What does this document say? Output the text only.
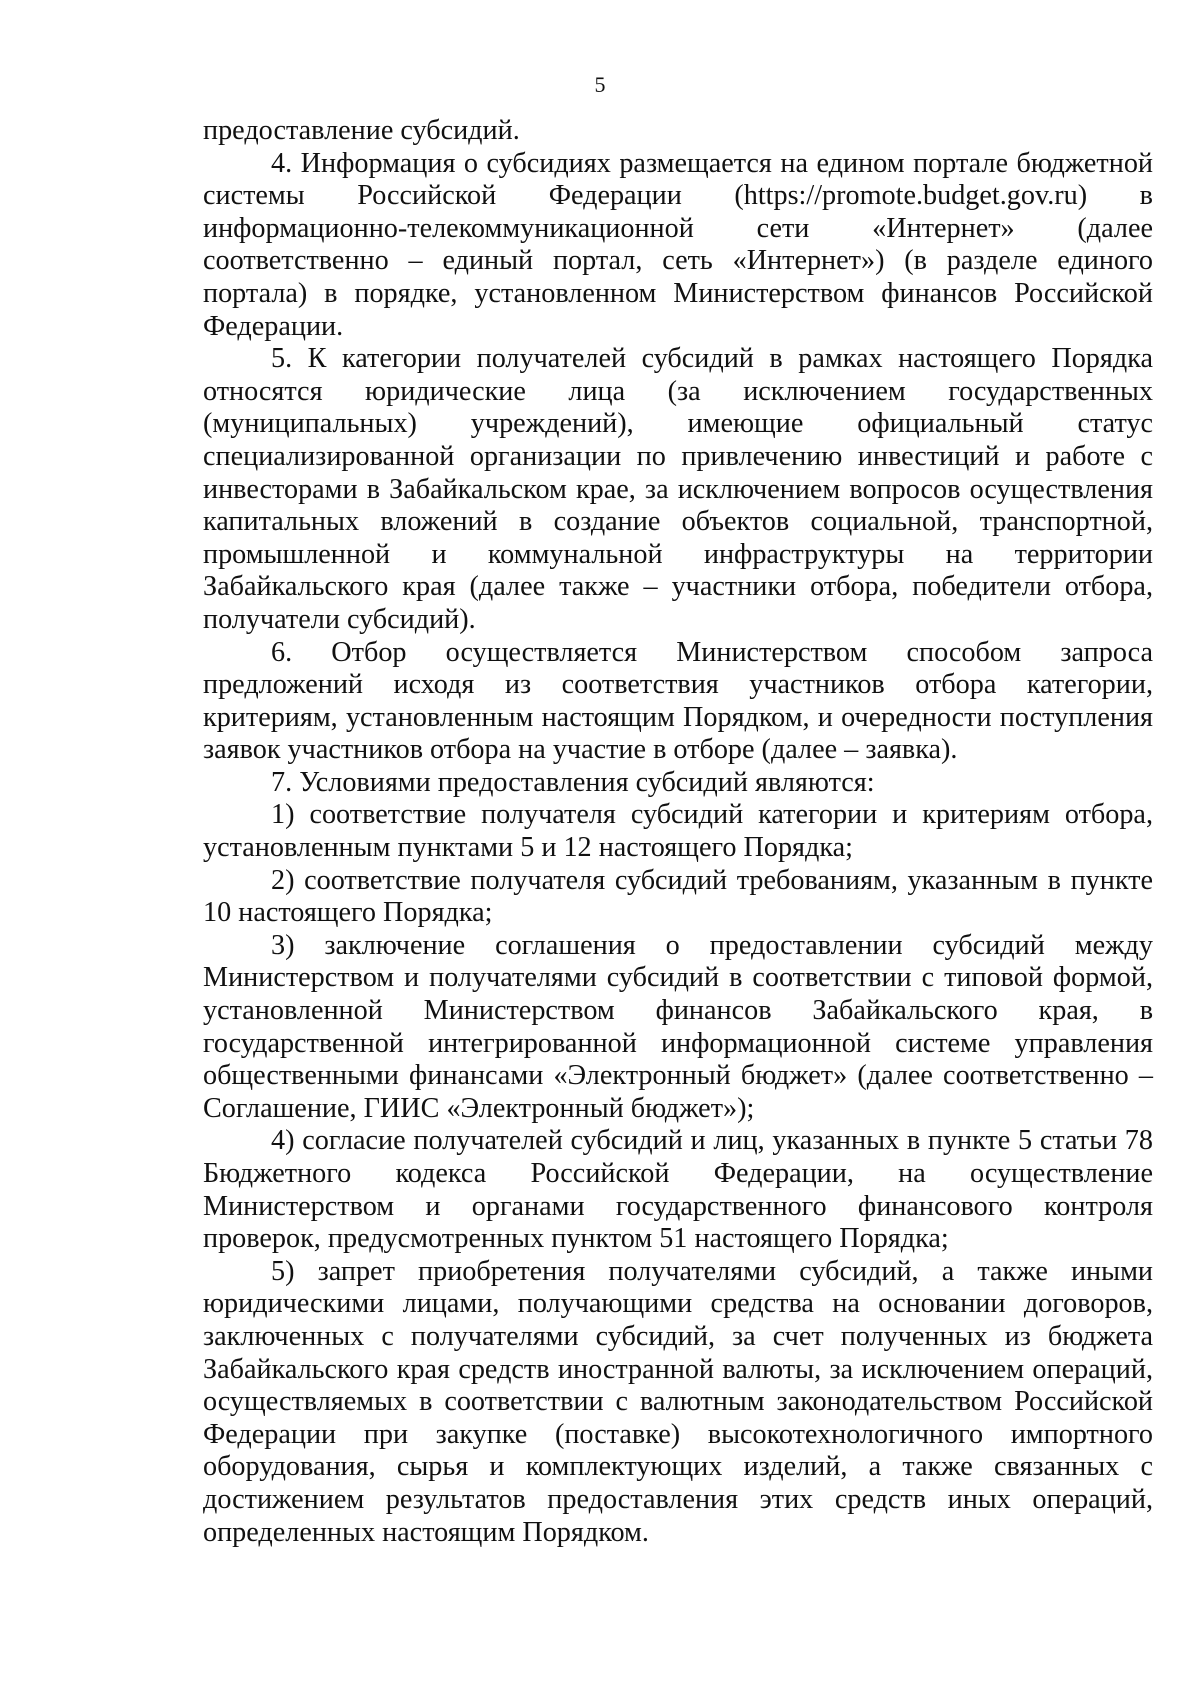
5

предоставление субсидий.

4. Информация о субсидиях размещается на едином портале бюджетной системы Российской Федерации (https://promote.budget.gov.ru) в информационно-телекоммуникационной сети «Интернет» (далее соответственно – единый портал, сеть «Интернет») (в разделе единого портала) в порядке, установленном Министерством финансов Российской Федерации.

5. К категории получателей субсидий в рамках настоящего Порядка относятся юридические лица (за исключением государственных (муниципальных) учреждений), имеющие официальный статус специализированной организации по привлечению инвестиций и работе с инвесторами в Забайкальском крае, за исключением вопросов осуществления капитальных вложений в создание объектов социальной, транспортной, промышленной и коммунальной инфраструктуры на территории Забайкальского края (далее также – участники отбора, победители отбора, получатели субсидий).

6. Отбор осуществляется Министерством способом запроса предложений исходя из соответствия участников отбора категории, критериям, установленным настоящим Порядком, и очередности поступления заявок участников отбора на участие в отборе (далее – заявка).

7. Условиями предоставления субсидий являются:

1) соответствие получателя субсидий категории и критериям отбора, установленным пунктами 5 и 12 настоящего Порядка;

2) соответствие получателя субсидий требованиям, указанным в пункте 10 настоящего Порядка;

3) заключение соглашения о предоставлении субсидий между Министерством и получателями субсидий в соответствии с типовой формой, установленной Министерством финансов Забайкальского края, в государственной интегрированной информационной системе управления общественными финансами «Электронный бюджет» (далее соответственно – Соглашение, ГИИС «Электронный бюджет»);

4) согласие получателей субсидий и лиц, указанных в пункте 5 статьи 78 Бюджетного кодекса Российской Федерации, на осуществление Министерством и органами государственного финансового контроля проверок, предусмотренных пунктом 51 настоящего Порядка;

5) запрет приобретения получателями субсидий, а также иными юридическими лицами, получающими средства на основании договоров, заключенных с получателями субсидий, за счет полученных из бюджета Забайкальского края средств иностранной валюты, за исключением операций, осуществляемых в соответствии с валютным законодательством Российской Федерации при закупке (поставке) высокотехнологичного импортного оборудования, сырья и комплектующих изделий, а также связанных с достижением результатов предоставления этих средств иных операций, определенных настоящим Порядком.
